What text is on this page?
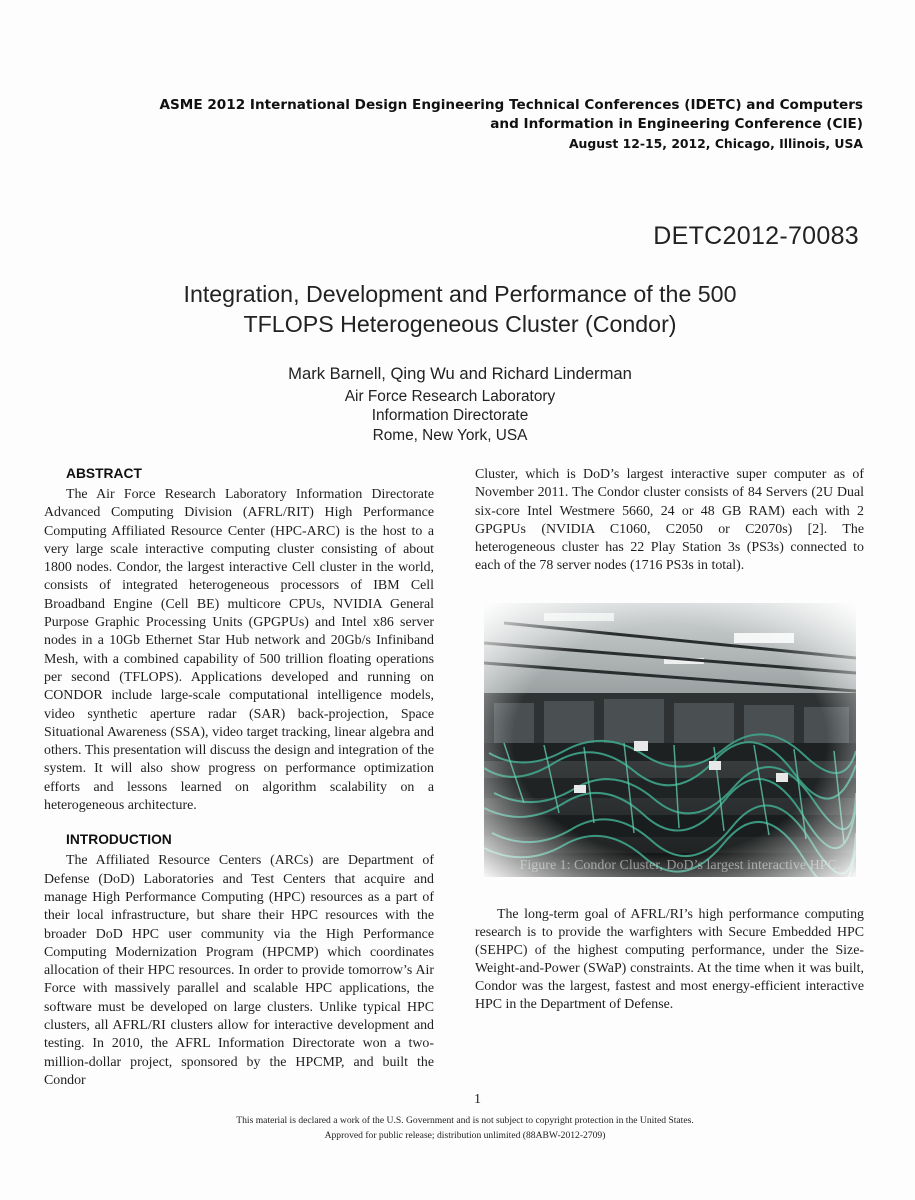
ASME 2012 International Design Engineering Technical Conferences (IDETC) and Computers
and Information in Engineering Conference (CIE)
August 12-15, 2012, Chicago, Illinois, USA
DETC2012-70083
Integration, Development and Performance of the 500
TFLOPS Heterogeneous Cluster (Condor)
Mark Barnell, Qing Wu and Richard Linderman
Air Force Research Laboratory
Information Directorate
Rome, New York, USA
ABSTRACT

The Air Force Research Laboratory Information Directorate Advanced Computing Division (AFRL/RIT) High Performance Computing Affiliated Resource Center (HPC-ARC) is the host to a very large scale interactive computing cluster consisting of about 1800 nodes. Condor, the largest interactive Cell cluster in the world, consists of integrated heterogeneous processors of IBM Cell Broadband Engine (Cell BE) multicore CPUs, NVIDIA General Purpose Graphic Processing Units (GPGPUs) and Intel x86 server nodes in a 10Gb Ethernet Star Hub network and 20Gb/s Infiniband Mesh, with a combined capability of 500 trillion floating operations per second (TFLOPS). Applications developed and running on CONDOR include large-scale computational intelligence models, video synthetic aperture radar (SAR) back-projection, Space Situational Awareness (SSA), video target tracking, linear algebra and others. This presentation will discuss the design and integration of the system. It will also show progress on performance optimization efforts and lessons learned on algorithm scalability on a heterogeneous architecture.

INTRODUCTION

The Affiliated Resource Centers (ARCs) are Department of Defense (DoD) Laboratories and Test Centers that acquire and manage High Performance Computing (HPC) resources as a part of their local infrastructure, but share their HPC resources with the broader DoD HPC user community via the High Performance Computing Modernization Program (HPCMP) which coordinates allocation of their HPC resources. In order to provide tomorrow’s Air Force with massively parallel and scalable HPC applications, the software must be developed on large clusters. Unlike typical HPC clusters, all AFRL/RI clusters allow for interactive development and testing. In 2010, the AFRL Information Directorate won a two-million-dollar project, sponsored by the HPCMP, and built the Condor

Cluster, which is DoD’s largest interactive super computer as of November 2011. The Condor cluster consists of 84 Servers (2U Dual six-core Intel Westmere 5660, 24 or 48 GB RAM) each with 2 GPGPUs (NVIDIA C1060, C2050 or C2070s) [2]. The heterogeneous cluster has 22 Play Station 3s (PS3s) connected to each of the 78 server nodes (1716 PS3s in total).

Figure 1: Condor Cluster, DoD’s largest interactive HPC.

The long-term goal of AFRL/RI’s high performance computing research is to provide the warfighters with Secure Embedded HPC (SEHPC) of the highest computing performance, under the Size-Weight-and-Power (SWaP) constraints. At the time when it was built, Condor was the largest, fastest and most energy-efficient interactive HPC in the Department of Defense.

1
This material is declared a work of the U.S. Government and is not subject to copyright protection in the United States.
Approved for public release; distribution unlimited (88ABW-2012-2709)
